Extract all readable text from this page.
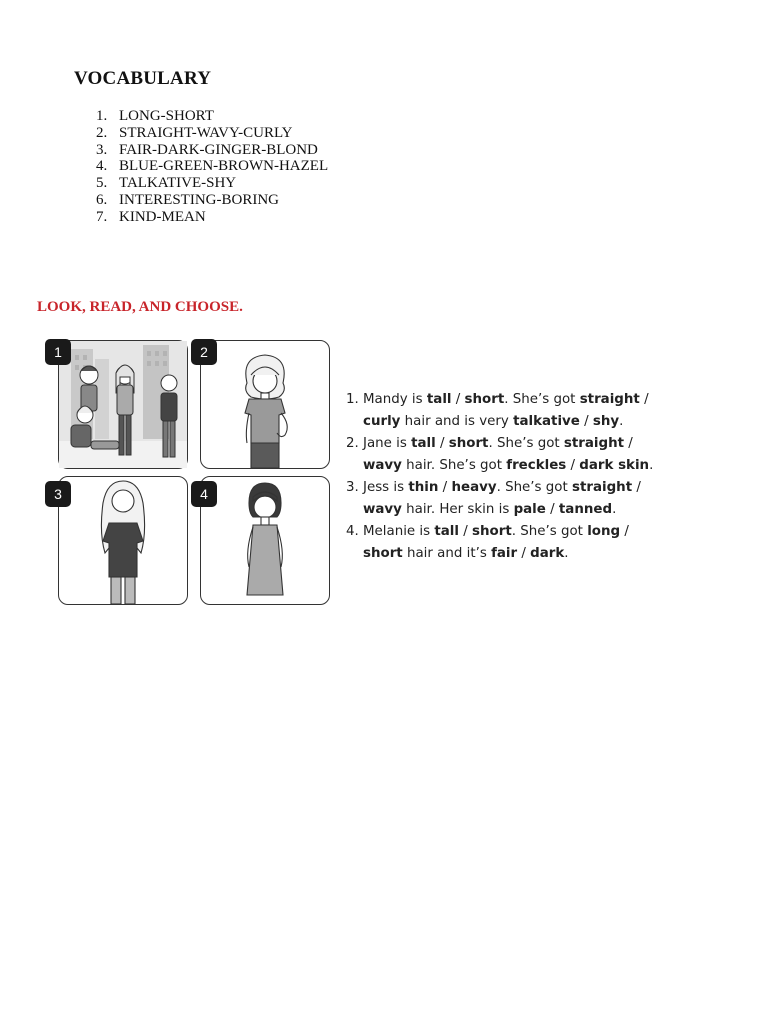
VOCABULARY
1. LONG-SHORT
2. STRAIGHT-WAVY-CURLY
3. FAIR-DARK-GINGER-BLOND
4. BLUE-GREEN-BROWN-HAZEL
5. TALKATIVE-SHY
6. INTERESTING-BORING
7. KIND-MEAN

LOOK, READ, AND CHOOSE.

1	2
3	4
1. Mandy is tall / short. She’s got straight /
curly hair and is very talkative / shy.
2. Jane is tall / short. She’s got straight /
wavy hair. She’s got freckles / dark skin.
3. Jess is thin / heavy. She’s got straight /
wavy hair. Her skin is pale / tanned.
4. Melanie is tall / short. She’s got long /
short hair and it’s fair / dark.
